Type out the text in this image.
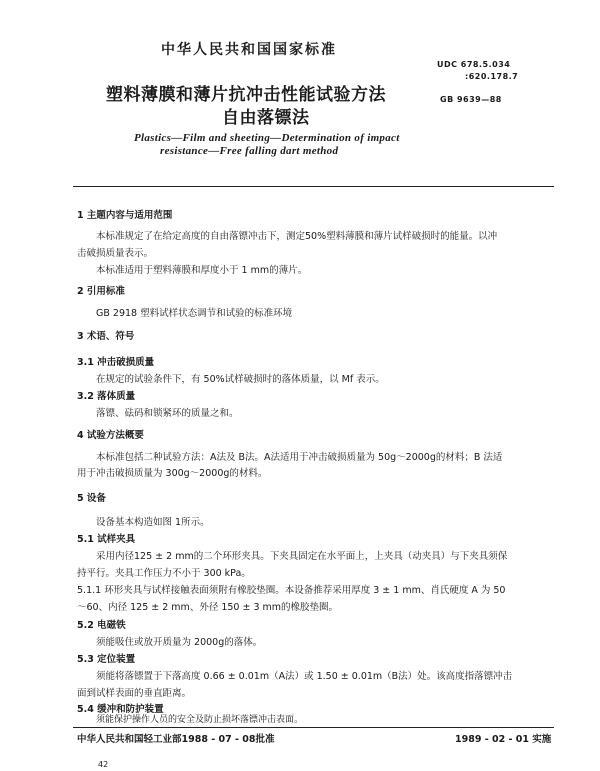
中华人民共和国国家标准
UDC 678.5.034
:620.178.7
GB 9639—88
塑料薄膜和薄片抗冲击性能试验方法
自由落镖法
Plastics—Film and sheeting—Determination of impact
resistance—Free falling dart method
1 主题内容与适用范围
本标准规定了在给定高度的自由落镖冲击下，测定50%塑料薄膜和薄片试样破损时的能量。以冲
击破损质量表示。
本标准适用于塑料薄膜和厚度小于 1 mm的薄片。
2 引用标准
GB 2918 塑料试样状态调节和试验的标准环境
3 术语、符号
3.1 冲击破损质量
在规定的试验条件下，有 50%试样破损时的落体质量，以 Mf 表示。
3.2 落体质量
落镖、砝码和锁紧环的质量之和。
4 试验方法概要
本标准包括二种试验方法：A法及 B法。A法适用于冲击破损质量为 50g～2000g的材料；B 法适
用于冲击破损质量为 300g～2000g的材料。
5 设备
设备基本构造如图 1所示。
5.1 试样夹具
采用内径125 ± 2 mm的二个环形夹具。下夹具固定在水平面上，上夹具（动夹具）与下夹具须保
持平行。夹具工作压力不小于 300 kPa。
5.1.1 环形夹具与试样接触表面须附有橡胶垫圈。本设备推荐采用厚度 3 ± 1 mm、肖氏硬度 A 为 50
～60、内径 125 ± 2 mm、外径 150 ± 3 mm的橡胶垫圈。
5.2 电磁铁
须能吸住或放开质量为 2000g的落体。
5.3 定位装置
须能将落镖置于下落高度 0.66 ± 0.01m（A法）或 1.50 ± 0.01m（B法）处。该高度指落镖冲击
面到试样表面的垂直距离。
5.4 缓冲和防护装置
须能保护操作人员的安全及防止损坏落镖冲击表面。
中华人民共和国轻工业部1988 - 07 - 08批准	1989 - 02 - 01 实施
42
